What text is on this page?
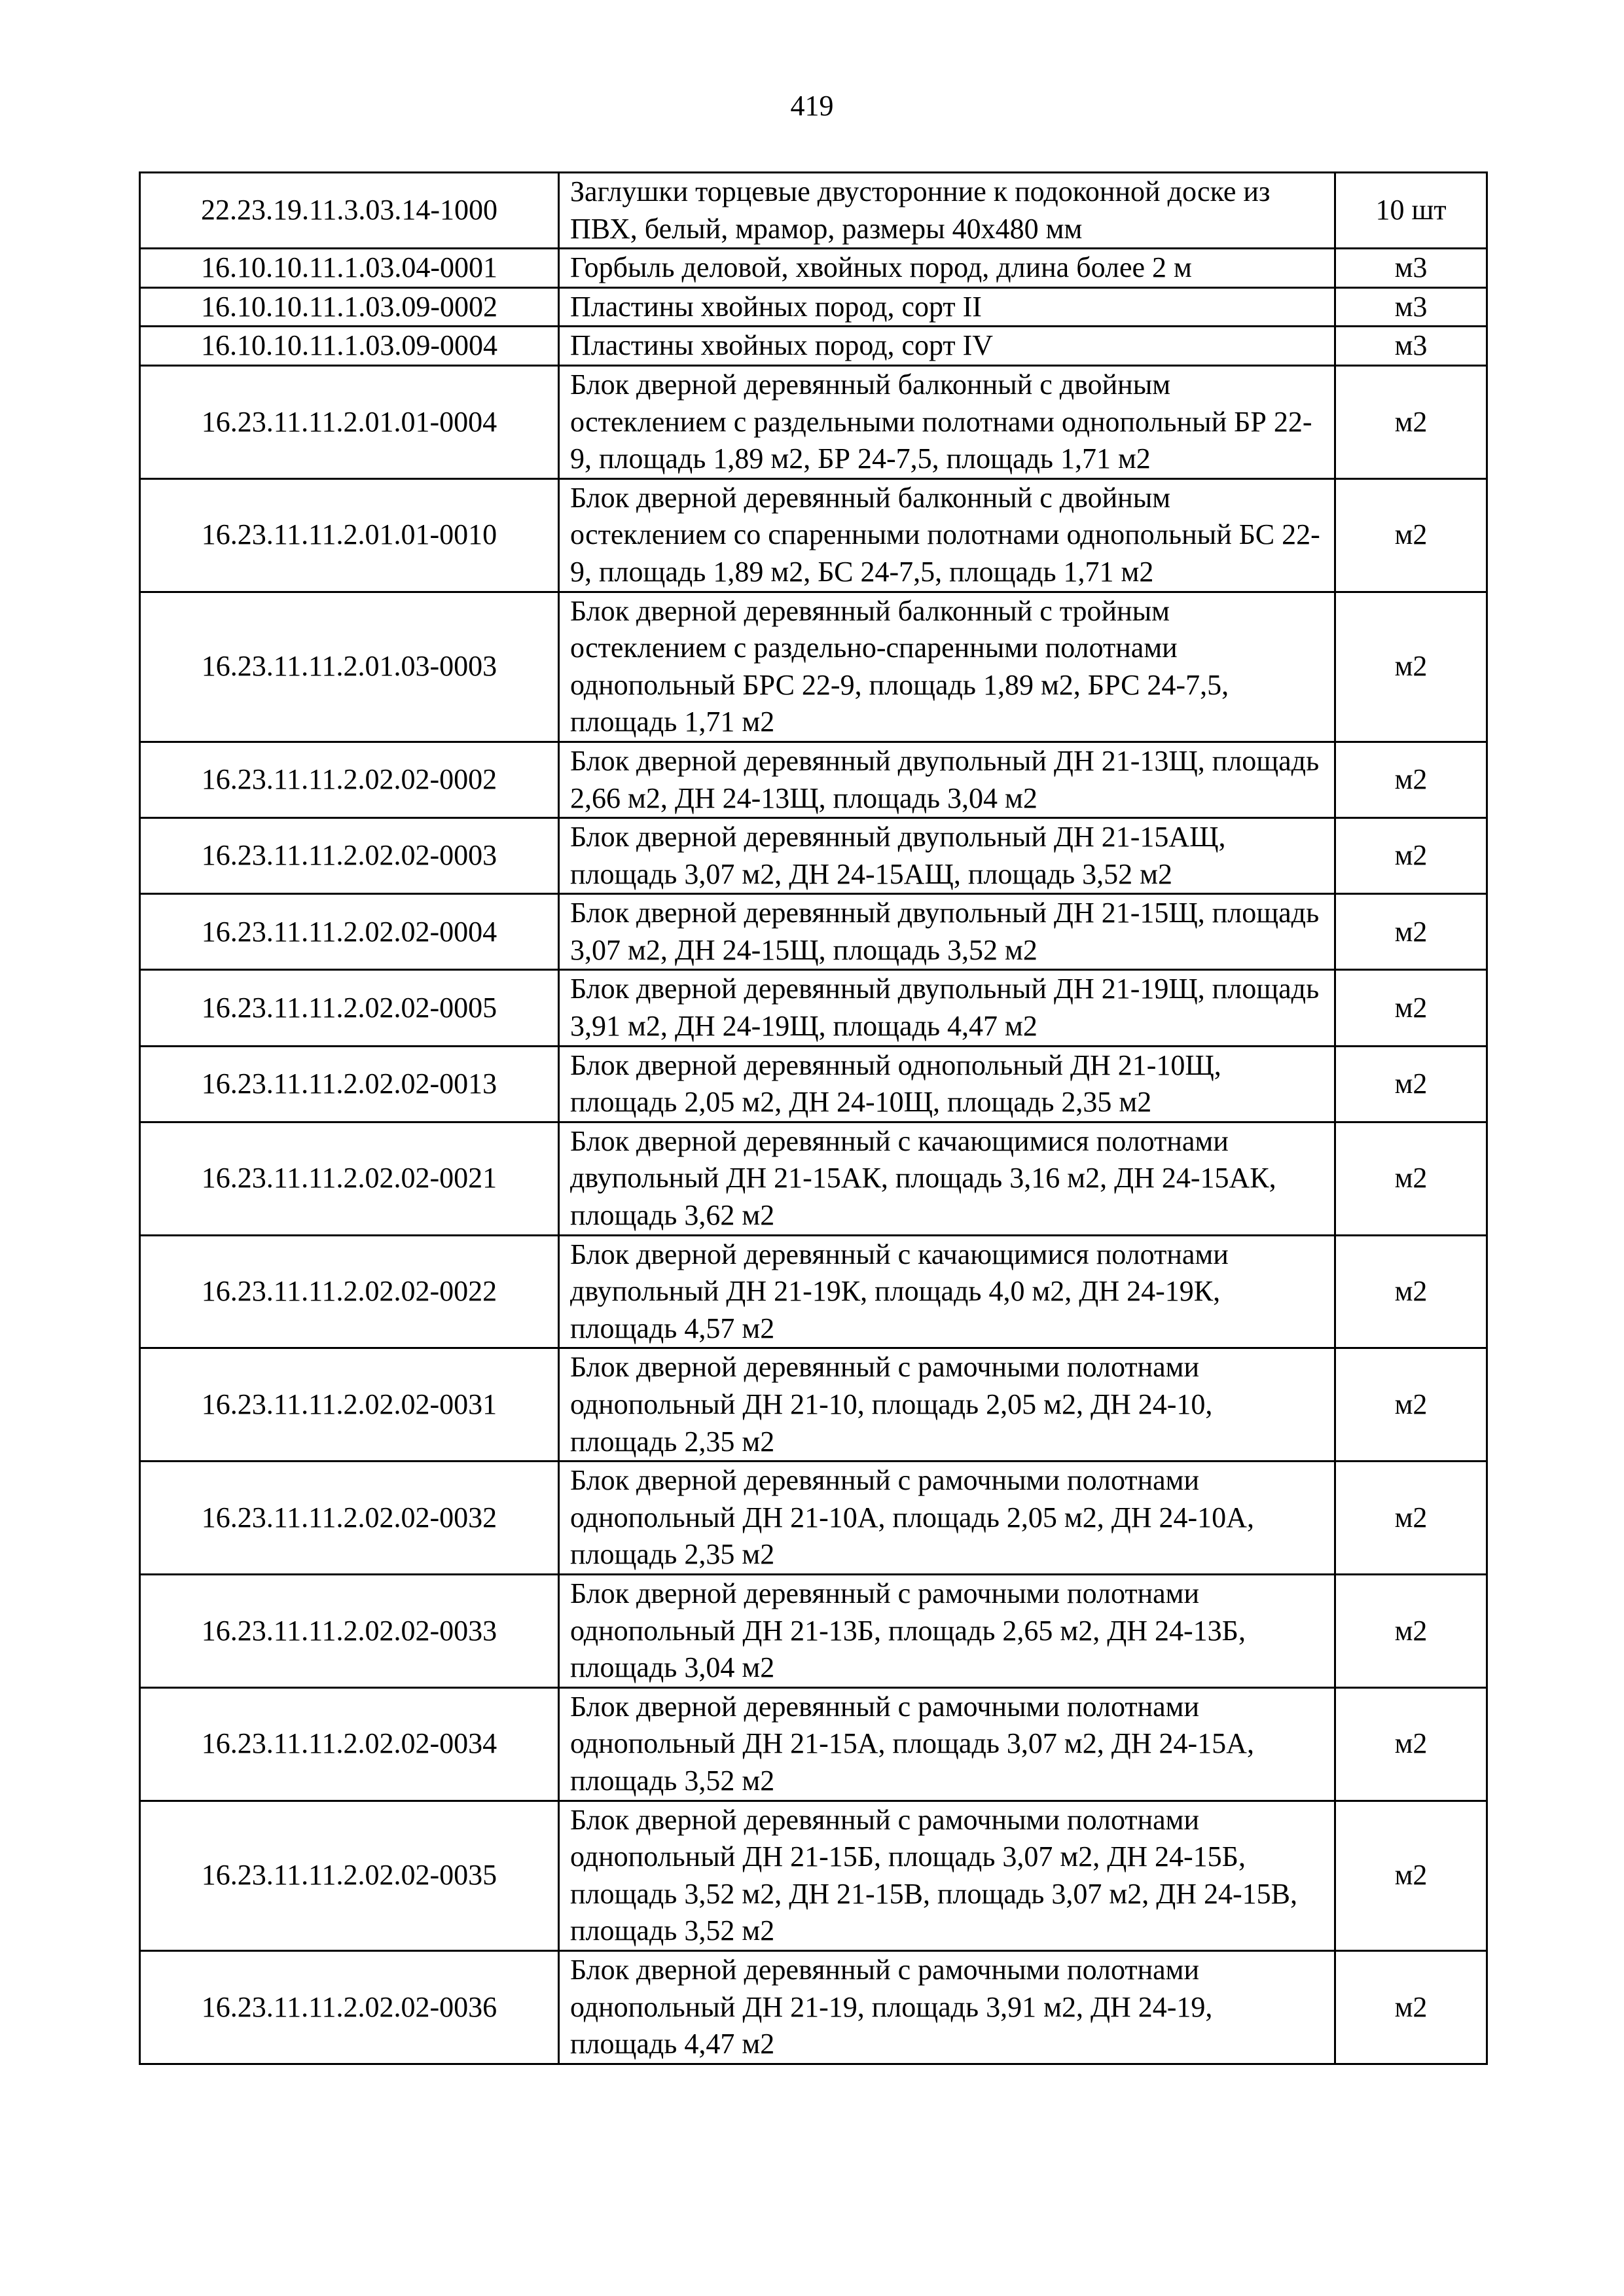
419
22.23.19.11.3.03.14-1000	Заглушки торцевые двусторонние к подоконной доске из ПВХ, белый, мрамор, размеры 40х480 мм	10 шт
16.10.10.11.1.03.04-0001	Горбыль деловой, хвойных пород, длина более 2 м	м3
16.10.10.11.1.03.09-0002	Пластины хвойных пород, сорт II	м3
16.10.10.11.1.03.09-0004	Пластины хвойных пород, сорт IV	м3
16.23.11.11.2.01.01-0004	Блок дверной деревянный балконный с двойным остеклением с раздельными полотнами однопольный БР 22-9, площадь 1,89 м2, БР 24-7,5, площадь 1,71 м2	м2
16.23.11.11.2.01.01-0010	Блок дверной деревянный балконный с двойным остеклением со спаренными полотнами однопольный БС 22-9, площадь 1,89 м2, БС 24-7,5, площадь 1,71 м2	м2
16.23.11.11.2.01.03-0003	Блок дверной деревянный балконный с тройным остеклением с раздельно-спаренными полотнами однопольный БРС 22-9, площадь 1,89 м2, БРС 24-7,5, площадь 1,71 м2	м2
16.23.11.11.2.02.02-0002	Блок дверной деревянный двупольный ДН 21-13Щ, площадь 2,66 м2, ДН 24-13Щ, площадь 3,04 м2	м2
16.23.11.11.2.02.02-0003	Блок дверной деревянный двупольный ДН 21-15АЩ, площадь 3,07 м2, ДН 24-15АЩ, площадь 3,52 м2	м2
16.23.11.11.2.02.02-0004	Блок дверной деревянный двупольный ДН 21-15Щ, площадь 3,07 м2, ДН 24-15Щ, площадь 3,52 м2	м2
16.23.11.11.2.02.02-0005	Блок дверной деревянный двупольный ДН 21-19Щ, площадь 3,91 м2, ДН 24-19Щ, площадь 4,47 м2	м2
16.23.11.11.2.02.02-0013	Блок дверной деревянный однопольный ДН 21-10Щ, площадь 2,05 м2, ДН 24-10Щ, площадь 2,35 м2	м2
16.23.11.11.2.02.02-0021	Блок дверной деревянный с качающимися полотнами двупольный ДН 21-15АК, площадь 3,16 м2, ДН 24-15АК, площадь 3,62 м2	м2
16.23.11.11.2.02.02-0022	Блок дверной деревянный с качающимися полотнами двупольный ДН 21-19К, площадь 4,0 м2, ДН 24-19К, площадь 4,57 м2	м2
16.23.11.11.2.02.02-0031	Блок дверной деревянный с рамочными полотнами однопольный ДН 21-10, площадь 2,05 м2, ДН 24-10, площадь 2,35 м2	м2
16.23.11.11.2.02.02-0032	Блок дверной деревянный с рамочными полотнами однопольный ДН 21-10А, площадь 2,05 м2, ДН 24-10А, площадь 2,35 м2	м2
16.23.11.11.2.02.02-0033	Блок дверной деревянный с рамочными полотнами однопольный ДН 21-13Б, площадь 2,65 м2, ДН 24-13Б, площадь 3,04 м2	м2
16.23.11.11.2.02.02-0034	Блок дверной деревянный с рамочными полотнами однопольный ДН 21-15А, площадь 3,07 м2, ДН 24-15А, площадь 3,52 м2	м2
16.23.11.11.2.02.02-0035	Блок дверной деревянный с рамочными полотнами однопольный ДН 21-15Б, площадь 3,07 м2, ДН 24-15Б, площадь 3,52 м2, ДН 21-15В, площадь 3,07 м2, ДН 24-15В, площадь 3,52 м2	м2
16.23.11.11.2.02.02-0036	Блок дверной деревянный с рамочными полотнами однопольный ДН 21-19, площадь 3,91 м2, ДН 24-19, площадь 4,47 м2	м2
